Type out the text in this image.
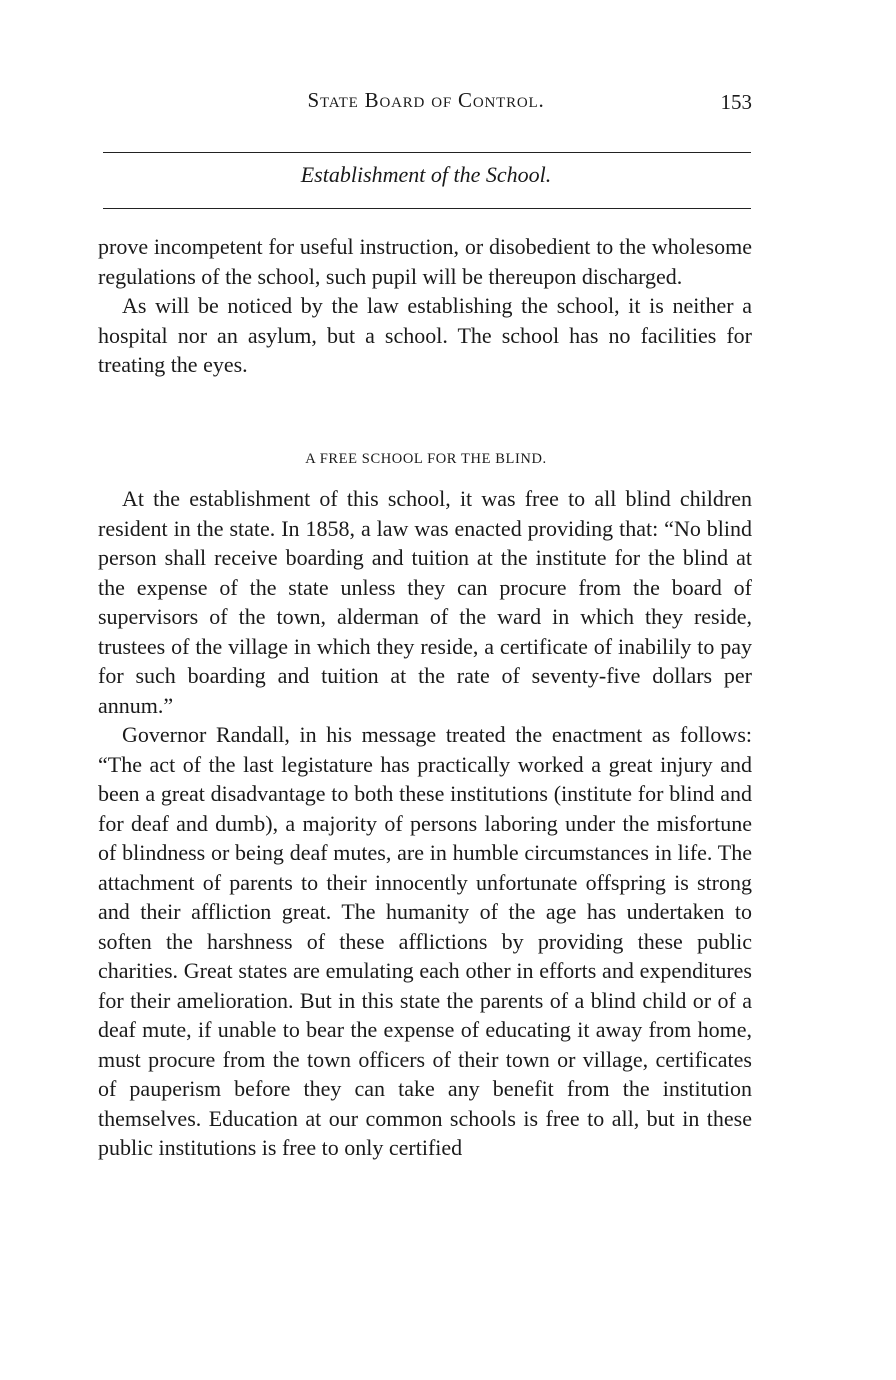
State Board of Control.	153
Establishment of the School.

prove incompetent for useful instruction, or disobedient to the wholesome regulations of the school, such pupil will be thereupon discharged.

As will be noticed by the law establishing the school, it is neither a hospital nor an asylum, but a school. The school has no facilities for treating the eyes.

A FREE SCHOOL FOR THE BLIND.

At the establishment of this school, it was free to all blind children resident in the state. In 1858, a law was enacted providing that: “No blind person shall receive boarding and tuition at the institute for the blind at the expense of the state unless they can procure from the board of supervisors of the town, alderman of the ward in which they reside, trustees of the village in which they reside, a certificate of inabilily to pay for such boarding and tuition at the rate of seventy-five dollars per annum.”

Governor Randall, in his message treated the enactment as follows: “The act of the last legistature has practically worked a great injury and been a great disadvantage to both these institutions (institute for blind and for deaf and dumb), a majority of persons laboring under the misfortune of blindness or being deaf mutes, are in humble circumstances in life. The attachment of parents to their innocently unfortunate offspring is strong and their affliction great. The humanity of the age has undertaken to soften the harshness of these afflictions by providing these public charities. Great states are emulating each other in efforts and expenditures for their amelioration. But in this state the parents of a blind child or of a deaf mute, if unable to bear the expense of educating it away from home, must procure from the town officers of their town or village, certificates of pauperism before they can take any benefit from the institution themselves. Education at our common schools is free to all, but in these public institutions is free to only certified
